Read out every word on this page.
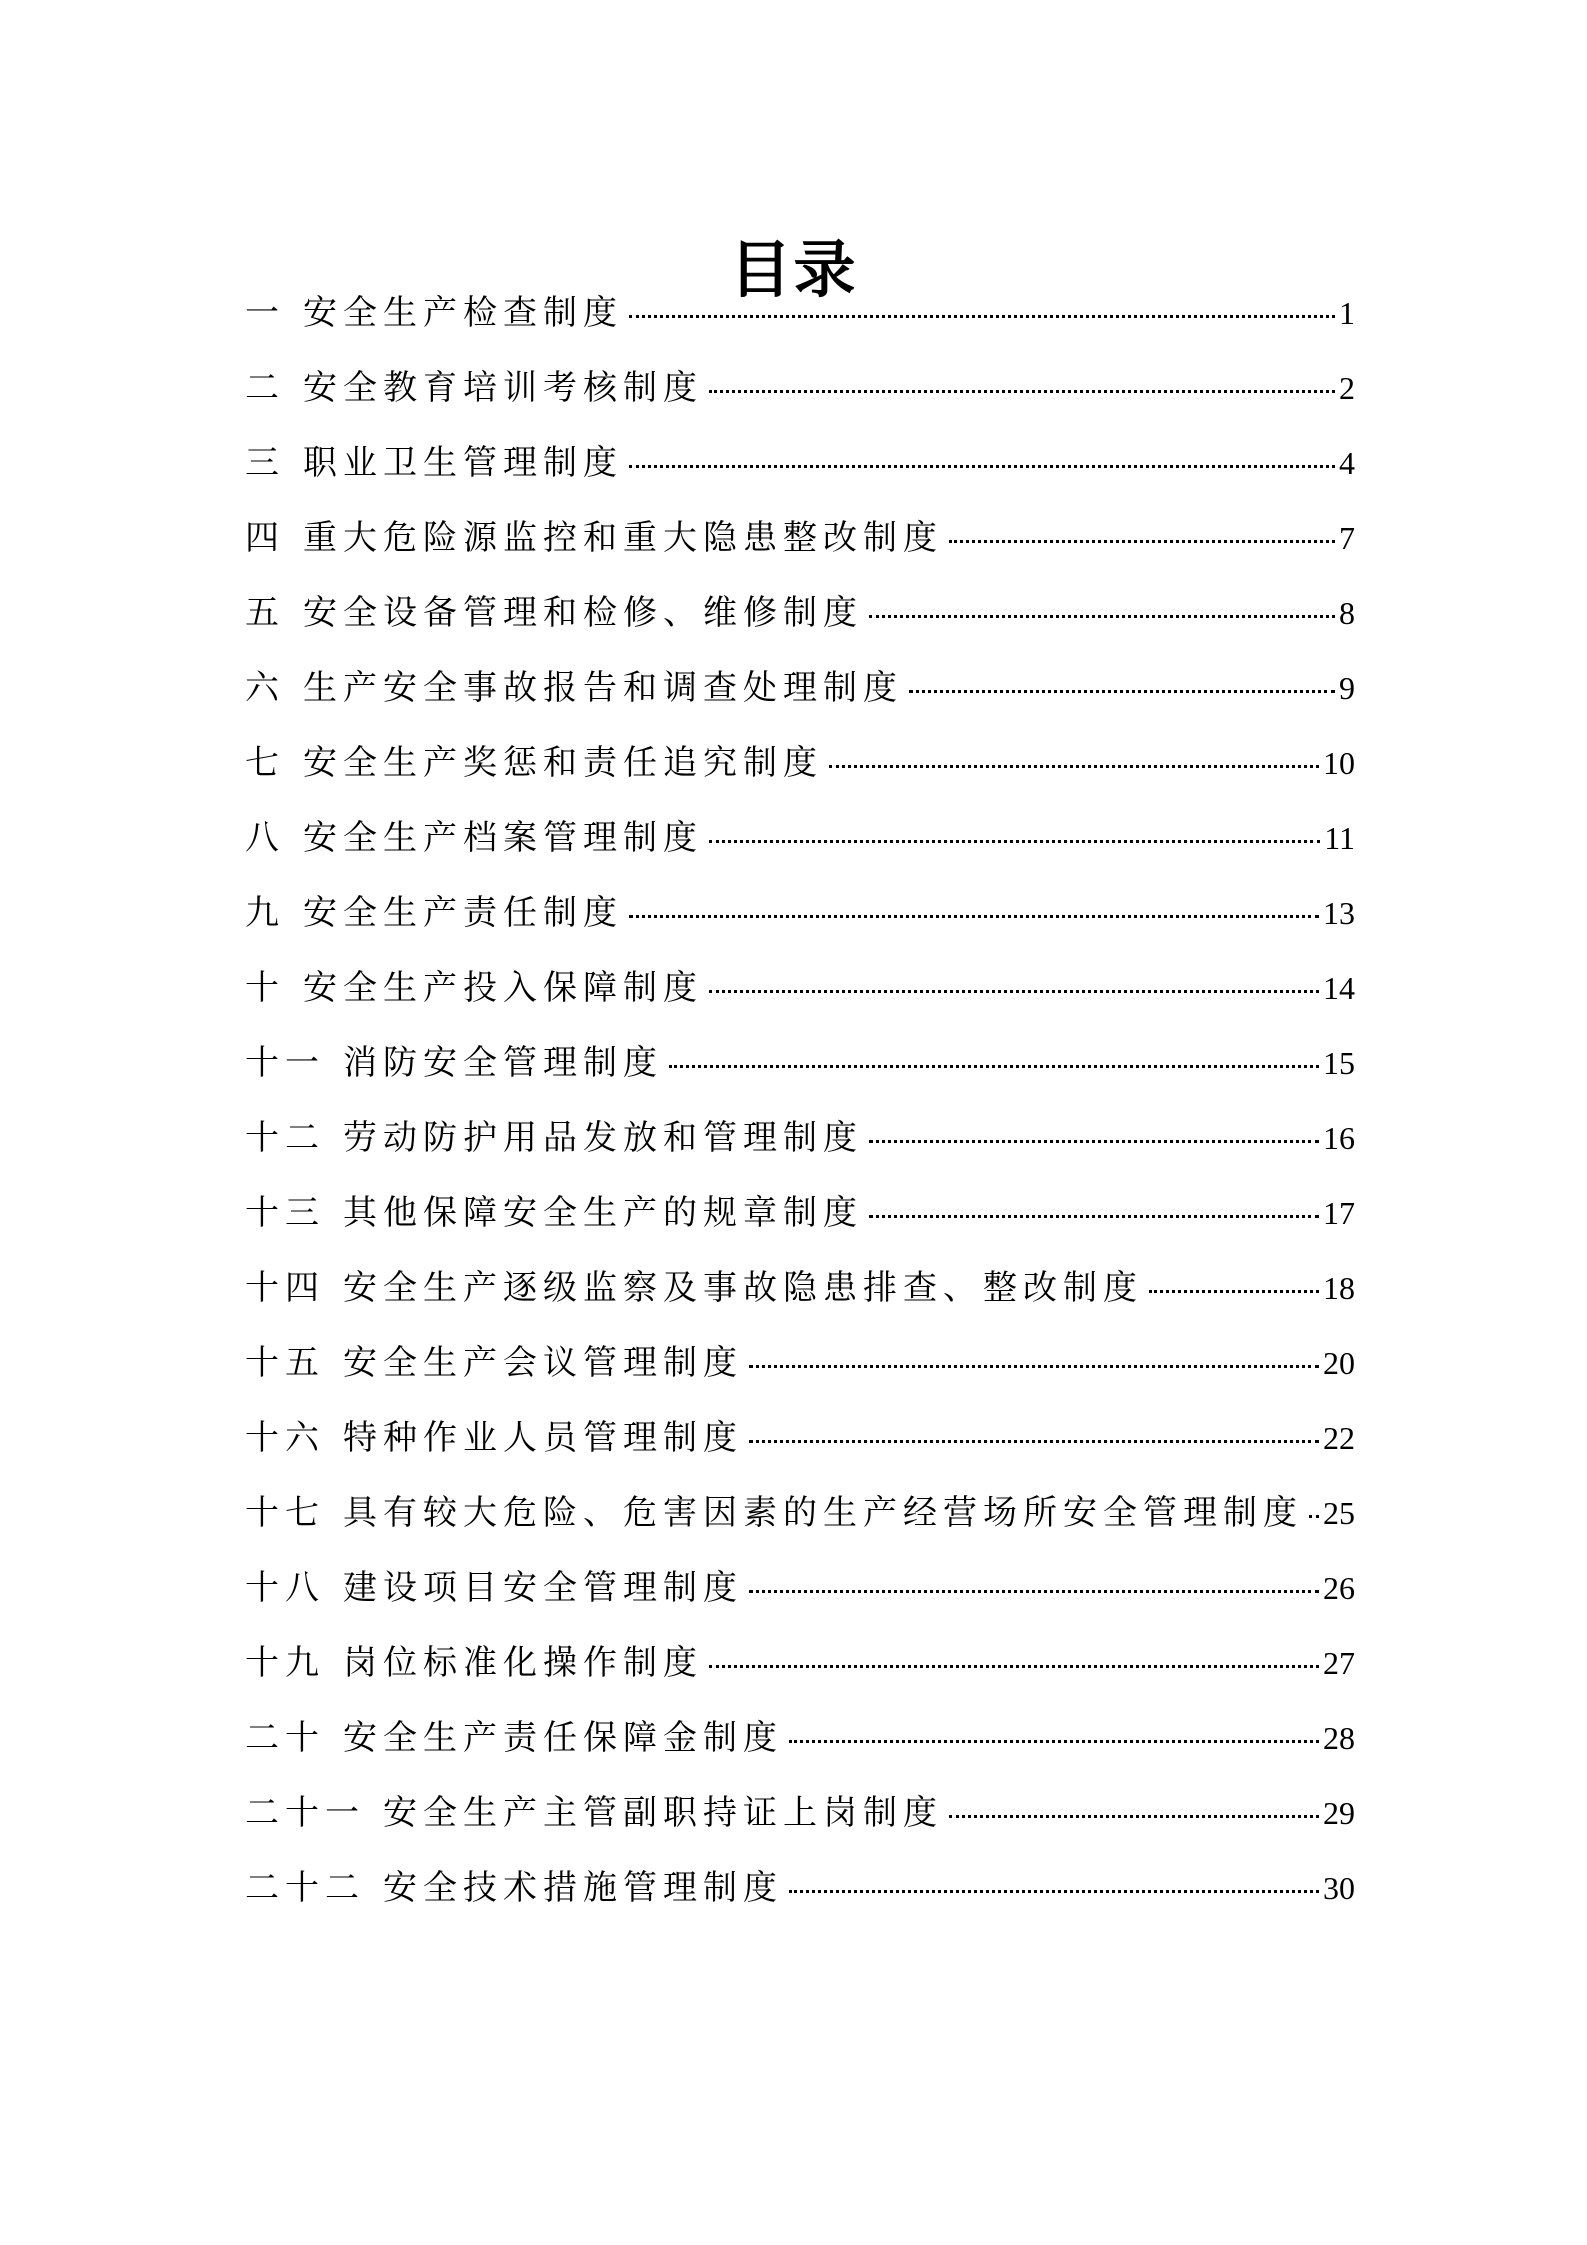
目录
一 安全生产检查制度	1
二 安全教育培训考核制度	2
三 职业卫生管理制度	4
四 重大危险源监控和重大隐患整改制度	7
五 安全设备管理和检修、维修制度	8
六 生产安全事故报告和调查处理制度	9
七 安全生产奖惩和责任追究制度	10
八 安全生产档案管理制度	11
九 安全生产责任制度	13
十 安全生产投入保障制度	14
十一 消防安全管理制度	15
十二 劳动防护用品发放和管理制度	16
十三 其他保障安全生产的规章制度	17
十四 安全生产逐级监察及事故隐患排查、整改制度	18
十五 安全生产会议管理制度	20
十六 特种作业人员管理制度	22
十七 具有较大危险、危害因素的生产经营场所安全管理制度 25
十八 建设项目安全管理制度	26
十九 岗位标准化操作制度	27
二十 安全生产责任保障金制度	28
二十一 安全生产主管副职持证上岗制度	29
二十二 安全技术措施管理制度	30
